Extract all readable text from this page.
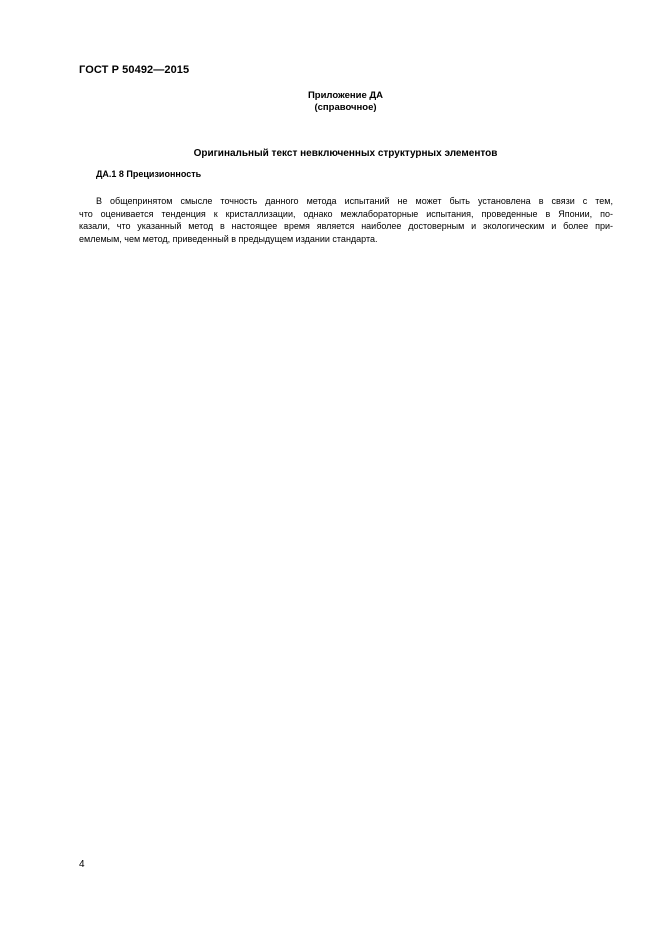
ГОСТ Р 50492—2015
Приложение ДА
(справочное)
Оригинальный текст невключенных структурных элементов
ДА.1 8 Прецизионность
В общепринятом смысле точность данного метода испытаний не может быть установлена в связи с тем,
что оценивается тенденция к кристаллизации, однако межлабораторные испытания, проведенные в Японии, по-
казали, что указанный метод в настоящее время является наиболее достоверным и экологическим и более при-
емлемым, чем метод, приведенный в предыдущем издании стандарта.
4
